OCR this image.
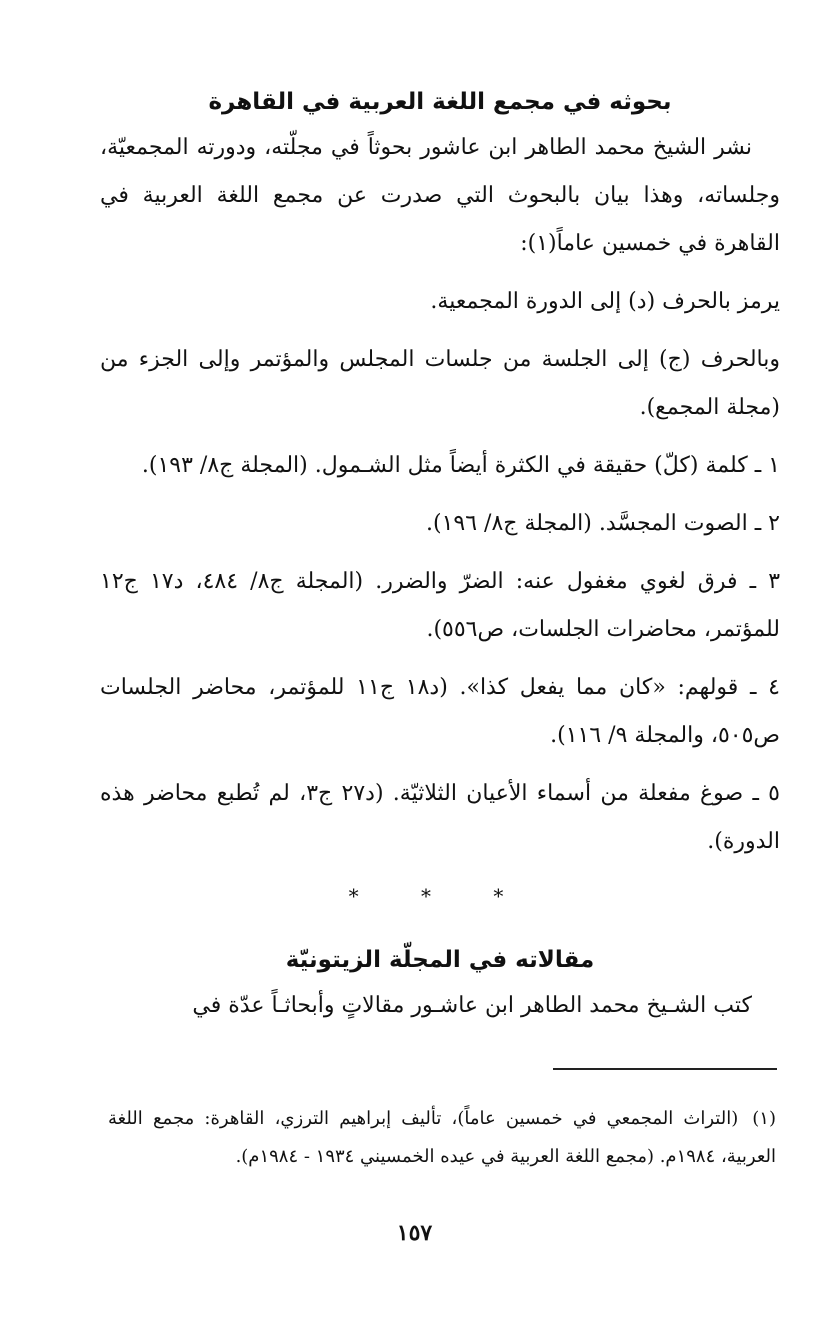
بحوثه في مجمع اللغة العربية في القاهرة

نشر الشيخ محمد الطاهر ابن عاشور بحوثاً في مجلّته، ودورته المجمعيّة، وجلساته، وهذا بيان بالبحوث التي صدرت عن مجمع اللغة العربية في القاهرة في خمسين عاماً(١):

يرمز بالحرف (د) إلى الدورة المجمعية.

وبالحرف (ج) إلى الجلسة من جلسات المجلس والمؤتمر وإلى الجزء من (مجلة المجمع).

١ ـ كلمة (كلّ) حقيقة في الكثرة أيضاً مثل الشـمول. (المجلة ج٨/ ١٩٣).

٢ ـ الصوت المجسَّد. (المجلة ج٨/ ١٩٦).

٣ ـ فرق لغوي مغفول عنه: الضرّ والضرر. (المجلة ج٨/ ٤٨٤، د١٧ ج١٢ للمؤتمر، محاضرات الجلسات، ص٥٥٦).

٤ ـ قولهم: «كان مما يفعل كذا». (د١٨ ج١١ للمؤتمر، محاضر الجلسات ص٥٠٥، والمجلة ٩/ ١١٦).

٥ ـ صوغ مفعلة من أسماء الأعيان الثلاثيّة. (د٢٧ ج٣، لم تُطبع محاضر هذه الدورة).

* * *
مقالاته في المجلّة الزيتونيّة

كتب الشـيخ محمد الطاهر ابن عاشـور مقالاتٍ وأبحاثـاً عدّة في

(١)(التراث المجمعي في خمسين عاماً)، تأليف إبراهيم الترزي، القاهرة: مجمع اللغة العربية، ١٩٨٤م. (مجمع اللغة العربية في عيده الخمسيني ١٩٣٤ - ١٩٨٤م).
١٥٧
